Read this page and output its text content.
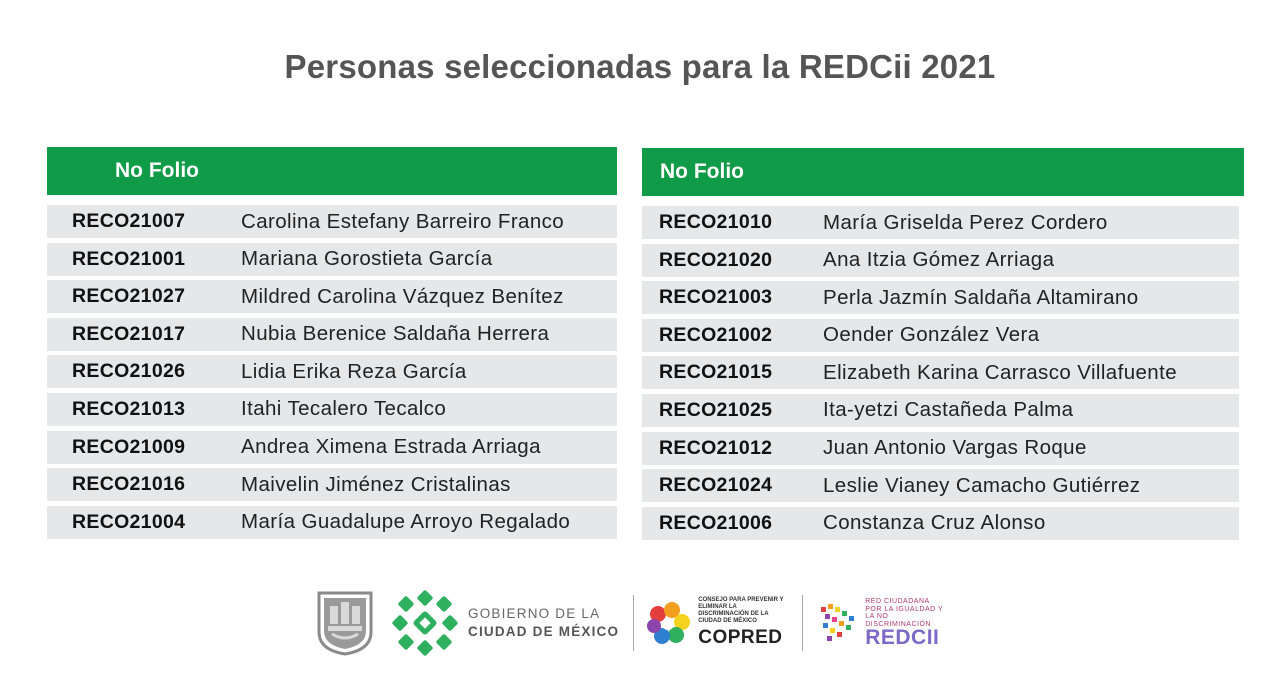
Personas seleccionadas para la REDCii 2021
No Folio
RECO21007	Carolina Estefany Barreiro Franco
RECO21001	Mariana Gorostieta García
RECO21027	Mildred Carolina Vázquez Benítez
RECO21017	Nubia Berenice Saldaña Herrera
RECO21026	Lidia Erika Reza García
RECO21013	Itahi Tecalero Tecalco
RECO21009	Andrea Ximena Estrada Arriaga
RECO21016	Maivelin Jiménez Cristalinas
RECO21004	María Guadalupe Arroyo Regalado
No Folio
RECO21010	María Griselda Perez Cordero
RECO21020	Ana Itzia Gómez Arriaga
RECO21003	Perla Jazmín Saldaña Altamirano
RECO21002	Oender González Vera
RECO21015	Elizabeth Karina Carrasco Villafuente
RECO21025	Ita-yetzi Castañeda Palma
RECO21012	Juan Antonio Vargas Roque
RECO21024	Leslie Vianey Camacho Gutiérrez
RECO21006	Constanza Cruz Alonso
GOBIERNO DE LA
CIUDAD DE MÉXICO
CONSEJO PARA PREVENIR Y ELIMINAR LA DISCRIMINACIÓN DE LA CIUDAD DE MÉXICO
COPRED
RED CIUDADANA POR LA IGUALDAD Y LA NO DISCRIMINACIÓN
REDCII
